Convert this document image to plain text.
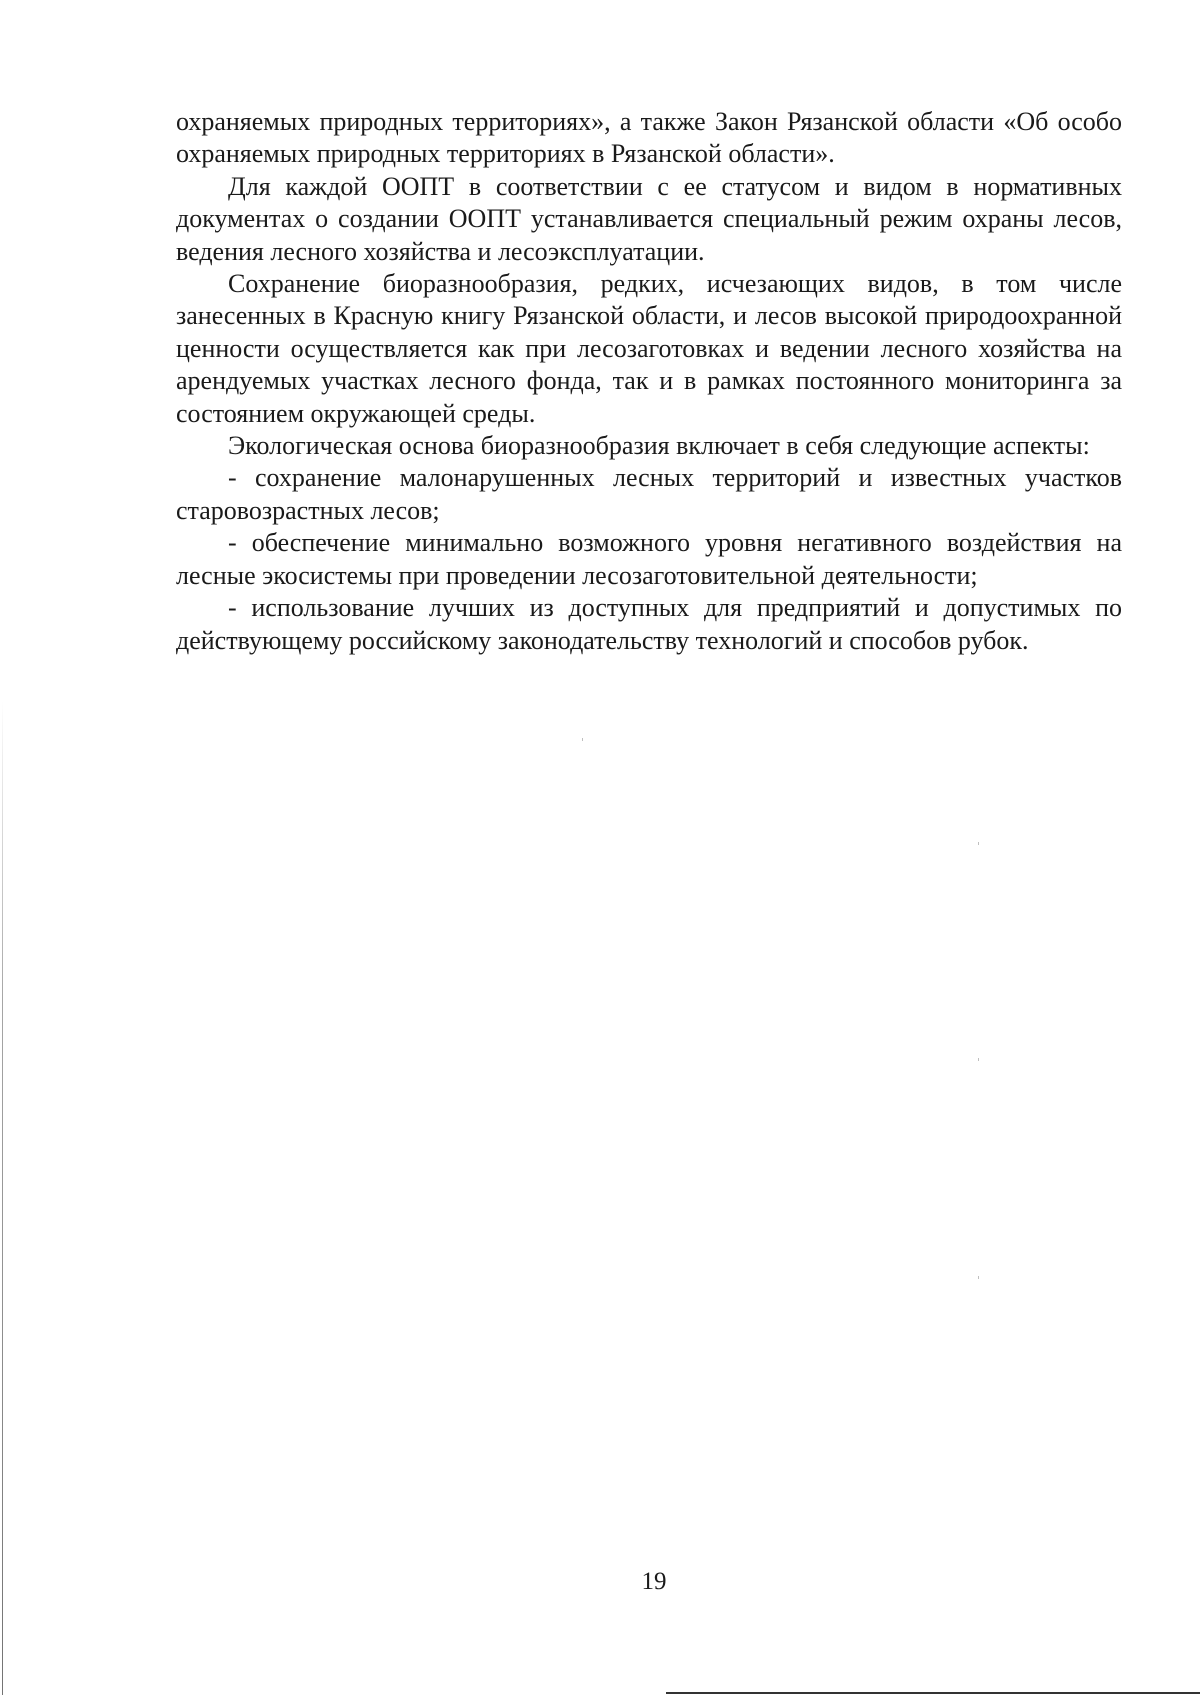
охраняемых природных территориях», а также Закон Рязанской области «Об особо охраняемых природных территориях в Рязанской области».

Для каждой ООПТ в соответствии с ее статусом и видом в нормативных документах о создании ООПТ устанавливается специальный режим охраны лесов, ведения лесного хозяйства и лесоэксплуатации.

Сохранение биоразнообразия, редких, исчезающих видов, в том числе занесенных в Красную книгу Рязанской области, и лесов высокой природоохранной ценности осуществляется как при лесозаготовках и ведении лесного хозяйства на арендуемых участках лесного фонда, так и в рамках постоянного мониторинга за состоянием окружающей среды.

Экологическая основа биоразнообразия включает в себя следующие аспекты:

- сохранение малонарушенных лесных территорий и известных участков старовозрастных лесов;

- обеспечение минимально возможного уровня негативного воздействия на лесные экосистемы при проведении лесозаготовительной деятельности;

- использование лучших из доступных для предприятий и допустимых по действующему российскому законодательству технологий и способов рубок.

19
